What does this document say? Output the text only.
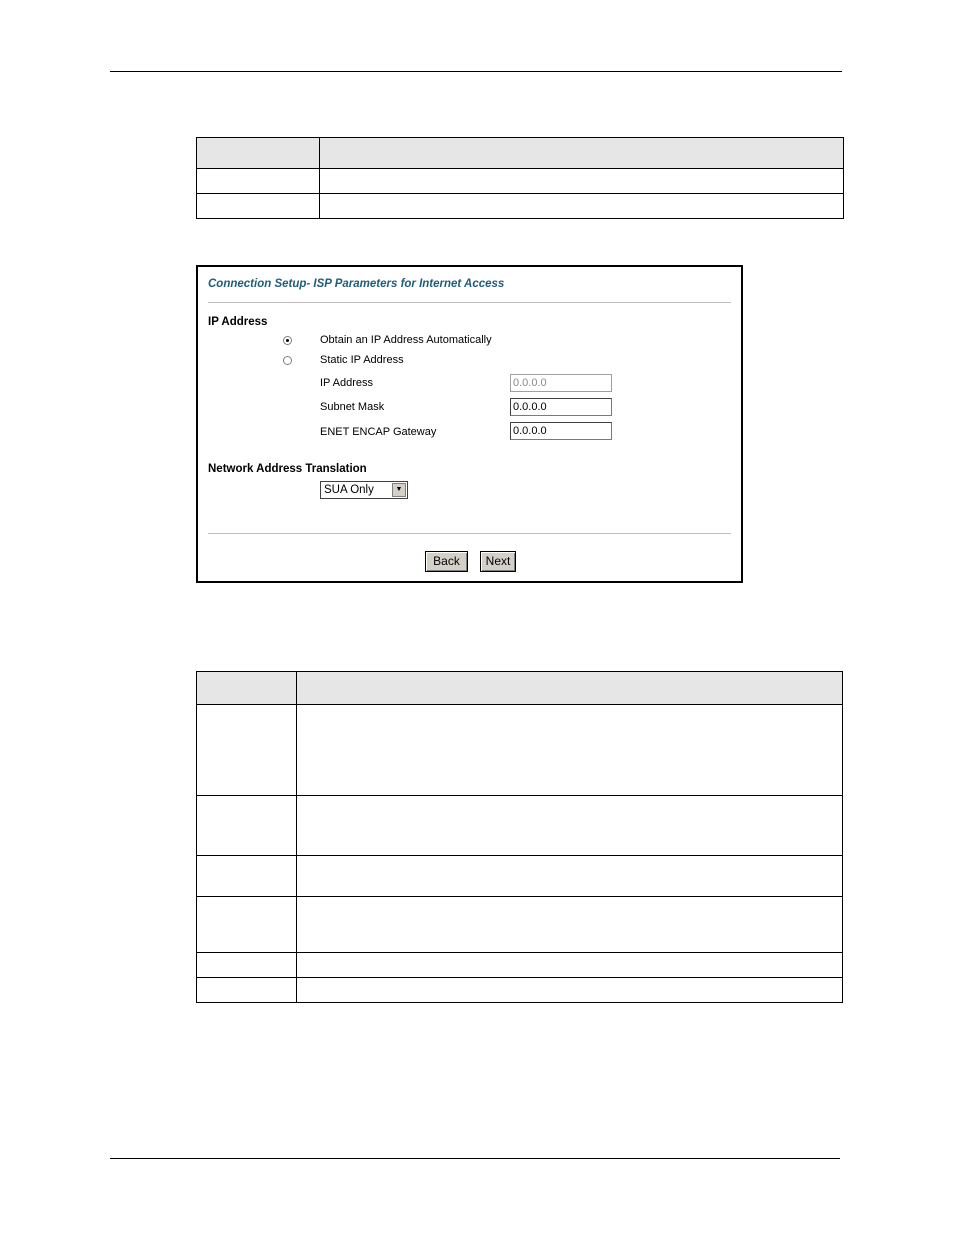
Connection Setup- ISP Parameters for Internet Access
IP Address
Obtain an IP Address Automatically
Static IP Address
IP Address	0.0.0.0
Subnet Mask	0.0.0.0
ENET ENCAP Gateway	0.0.0.0
Network Address Translation
SUA Only	▼
Back	Next
